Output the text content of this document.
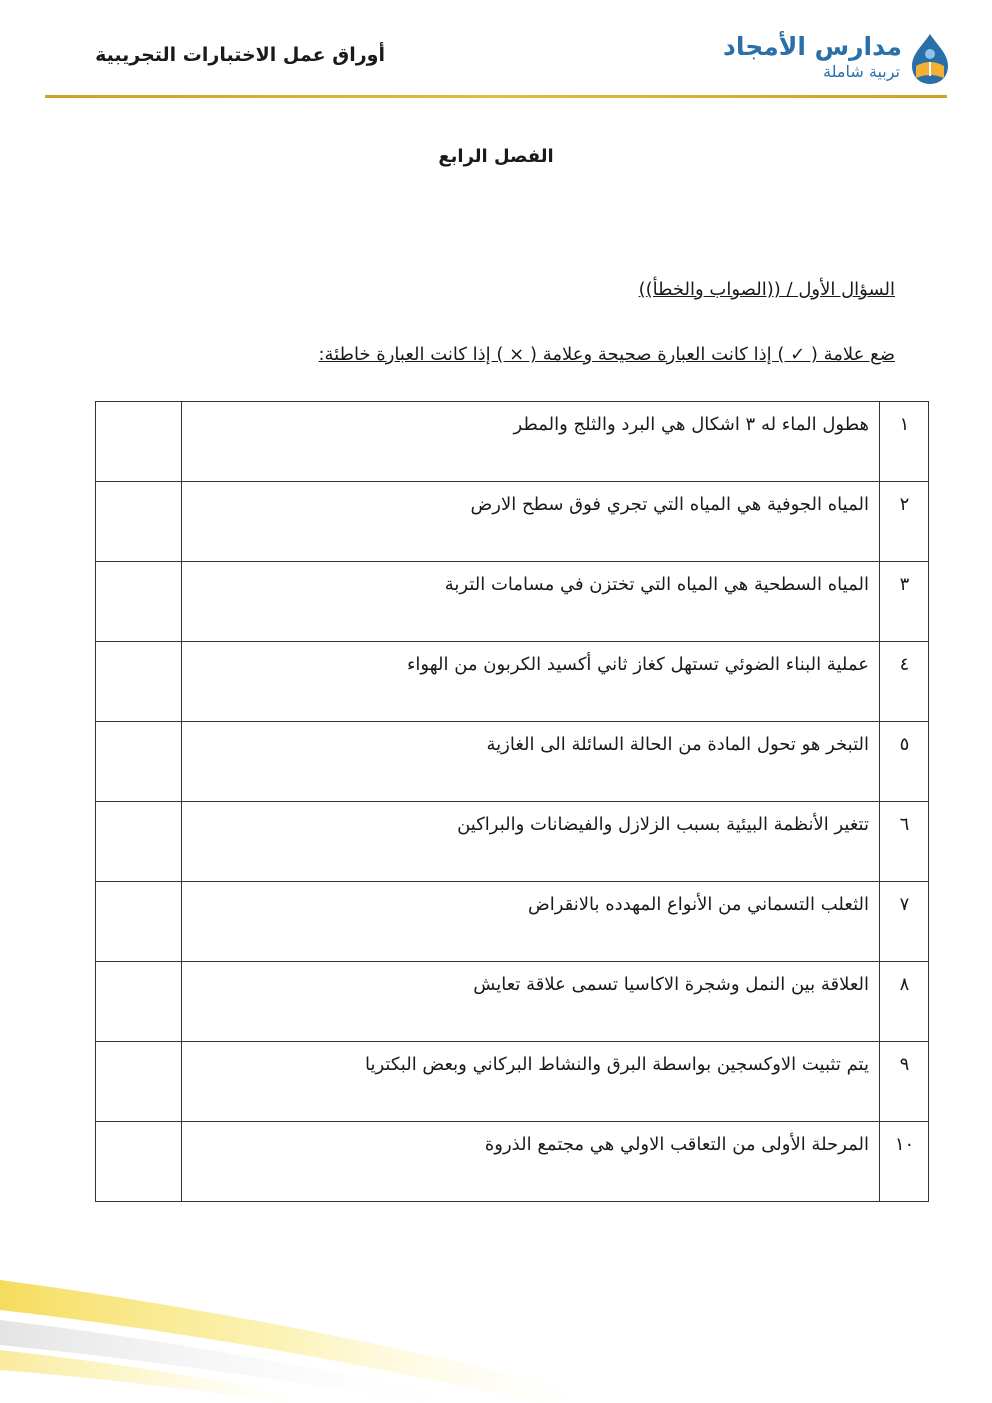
أوراق عمل الاختبارات التجريبية	مدارس الأمجاد
تربية شاملة
الفصل الرابع
السؤال الأول / ((الصواب والخطأ))
ضع علامة ( ✓ ) إذا كانت العبارة صحيحة وعلامة ( × ) إذا كانت العبارة خاطئة:
١	هطول الماء له ٣ اشكال هي البرد والثلج والمطر	
٢	المياه الجوفية هي المياه التي تجري فوق سطح الارض	
٣	المياه السطحية هي المياه التي تختزن في مسامات التربة	
٤	عملية البناء الضوئي تستهل كغاز ثاني أكسيد الكربون من الهواء	
٥	التبخر هو تحول المادة من الحالة السائلة الى الغازية	
٦	تتغير الأنظمة البيئية بسبب الزلازل والفيضانات والبراكين	
٧	الثعلب التسماني من الأنواع المهدده بالانقراض	
٨	العلاقة بين النمل وشجرة الاكاسيا تسمى علاقة تعايش	
٩	يتم تثبيت الاوكسجين بواسطة البرق والنشاط البركاني وبعض البكتريا	
١٠	المرحلة الأولى من التعاقب الاولي هي مجتمع الذروة	
